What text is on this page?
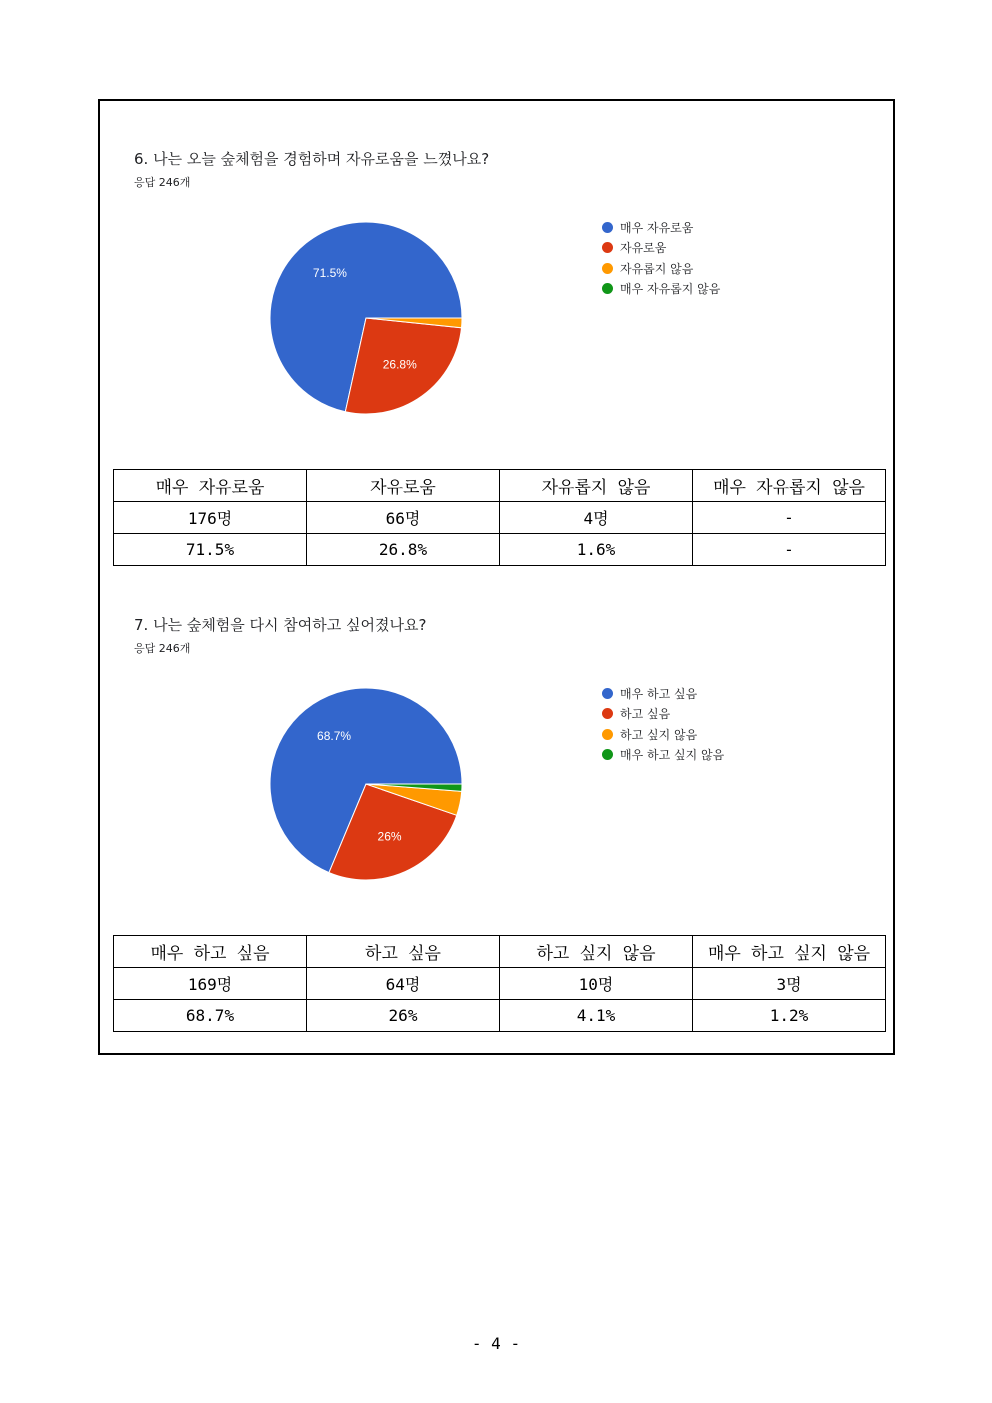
6. 나는 오늘 숲체험을 경험하며 자유로움을 느꼈나요?
응답 246개
71.5%
26.8%
매우 자유로움
자유로움
자유롭지 않음
매우 자유롭지 않음
매우 자유로움	자유로움	자유롭지 않음	매우 자유롭지 않음
176명	66명	4명	-
71.5%	26.8%	1.6%	-
7. 나는 숲체험을 다시 참여하고 싶어졌나요?
응답 246개
68.7%
26%
매우 하고 싶음
하고 싶음
하고 싶지 않음
매우 하고 싶지 않음
매우 하고 싶음	하고 싶음	하고 싶지 않음	매우 하고 싶지 않음
169명	64명	10명	3명
68.7%	26%	4.1%	1.2%
- 4 -
